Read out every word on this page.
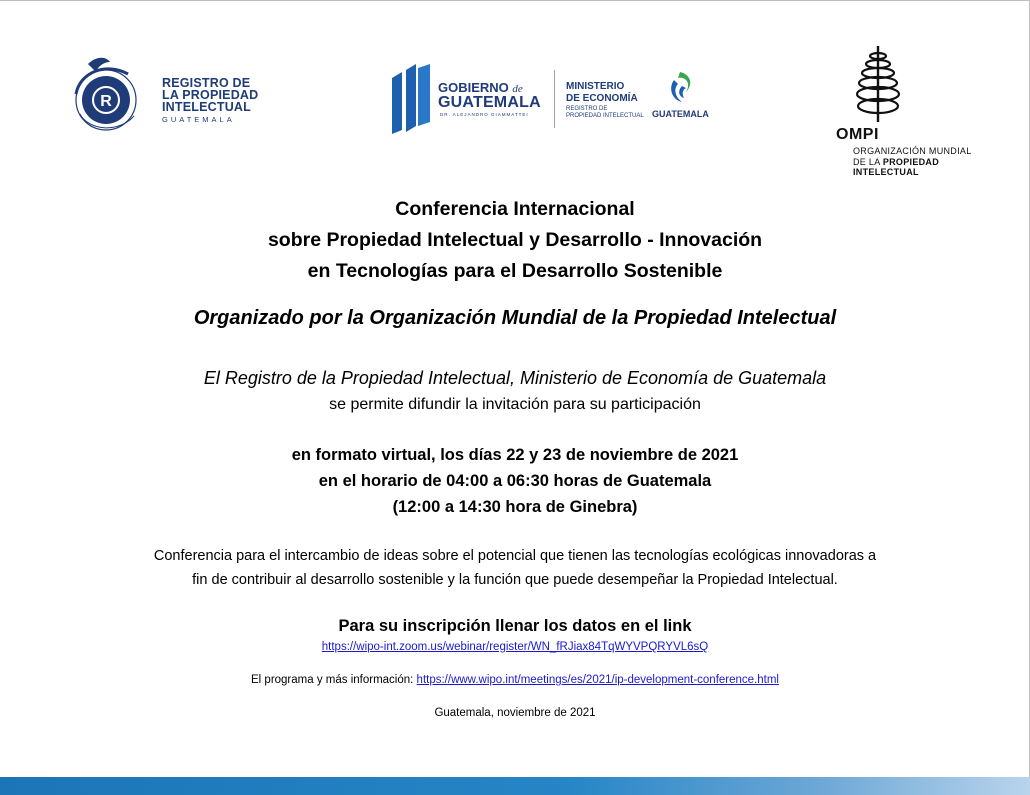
R
REGISTRO DE
LA PROPIEDAD
INTELECTUAL
GUATEMALA
GOBIERNO de
GUATEMALA
DR. ALEJANDRO GIAMMATTEI
MINISTERIO
DE ECONOMÍA
REGISTRO DE
PROPIEDAD INTELECTUAL GUATEMALA
OMPI
ORGANIZACIÓN MUNDIAL
DE LA PROPIEDAD
INTELECTUAL
Conferencia Internacional
sobre Propiedad Intelectual y Desarrollo - Innovación
en Tecnologías para el Desarrollo Sostenible
Organizado por la Organización Mundial de la Propiedad Intelectual
El Registro de la Propiedad Intelectual, Ministerio de Economía de Guatemala
se permite difundir la invitación para su participación
en formato virtual, los días 22 y 23 de noviembre de 2021
en el horario de 04:00 a 06:30 horas de Guatemala
(12:00 a 14:30 hora de Ginebra)
Conferencia para el intercambio de ideas sobre el potencial que tienen las tecnologías ecológicas innovadoras a
fin de contribuir al desarrollo sostenible y la función que puede desempeñar la Propiedad Intelectual.
Para su inscripción llenar los datos en el link
https://wipo-int.zoom.us/webinar/register/WN_fRJiax84TqWYVPQRYVL6sQ
El programa y más información: https://www.wipo.int/meetings/es/2021/ip-development-conference.html
Guatemala, noviembre de 2021
